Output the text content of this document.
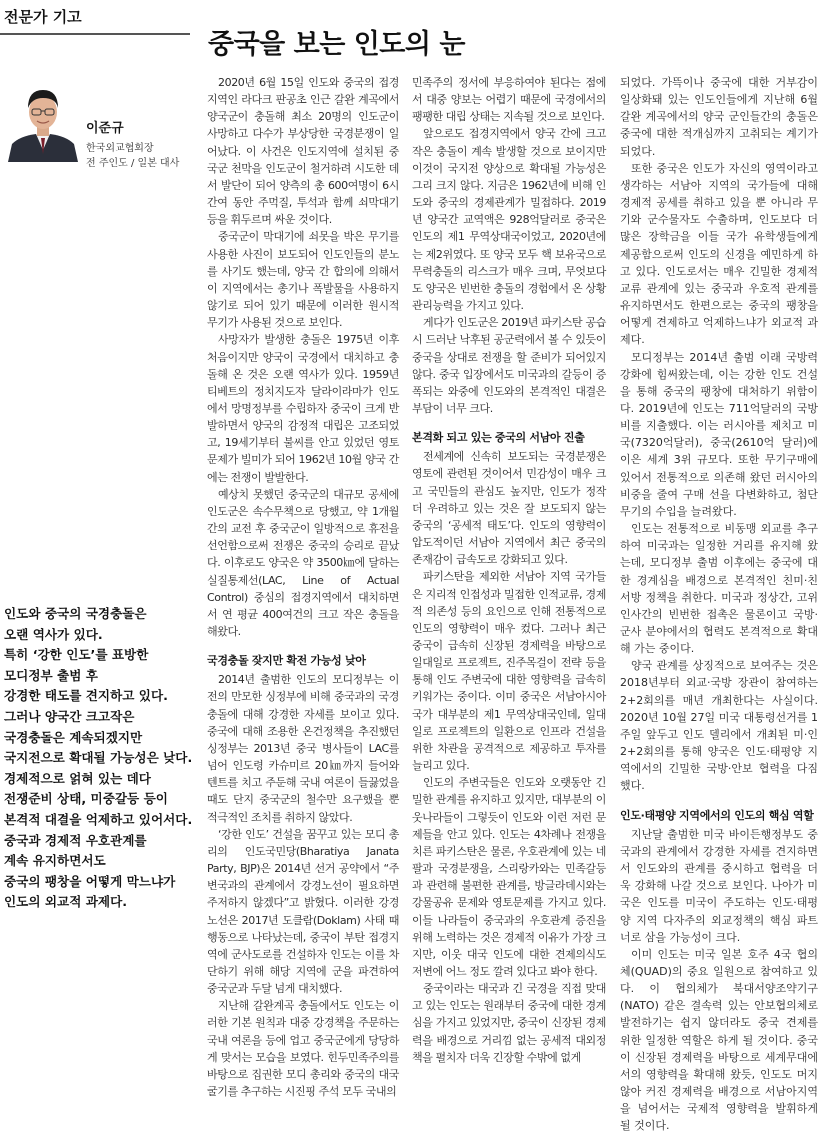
전문가 기고
이준규
한국외교협회장
전 주인도 / 일본 대사
중국을 보는 인도의 눈

인도와 중국의 국경충돌은

오랜 역사가 있다.

특히 ‘강한 인도’를 표방한

모디정부 출범 후

강경한 태도를 견지하고 있다.

그러나 양국간 크고작은

국경충돌은 계속되겠지만

국지전으로 확대될 가능성은 낮다.

경제적으로 얽혀 있는 데다

전쟁준비 상태, 미중갈등 등이

본격적 대결을 억제하고 있어서다.

중국과 경제적 우호관계를

계속 유지하면서도

중국의 팽창을 어떻게 막느냐가

인도의 외교적 과제다.

2020년 6월 15일 인도와 중국의 접경지역인 라다크 판공초 인근 갈완 계곡에서 양국군이 충돌해 최소 20명의 인도군이 사망하고 다수가 부상당한 국경분쟁이 일어났다. 이 사건은 인도지역에 설치된 중국군 천막을 인도군이 철거하려 시도한 데서 발단이 되어 양측의 총 600여명이 6시간여 동안 주먹질, 투석과 함께 쇠막대기 등을 휘두르며 싸운 것이다.

중국군이 막대기에 쇠못을 박은 무기를 사용한 사진이 보도되어 인도인들의 분노를 사기도 했는데, 양국 간 합의에 의해서 이 지역에서는 총기나 폭발물을 사용하지 않기로 되어 있기 때문에 이러한 원시적 무기가 사용된 것으로 보인다.

사망자가 발생한 충돌은 1975년 이후 처음이지만 양국이 국경에서 대치하고 충돌해 온 것은 오랜 역사가 있다. 1959년 티베트의 정치지도자 달라이라마가 인도에서 망명정부를 수립하자 중국이 크게 반발하면서 양국의 감정적 대립은 고조되었고, 19세기부터 불씨를 안고 있었던 영토문제가 빌미가 되어 1962년 10월 양국 간에는 전쟁이 발발한다.

예상치 못했던 중국군의 대규모 공세에 인도군은 속수무책으로 당했고, 약 1개월 간의 교전 후 중국군이 일방적으로 휴전을 선언함으로써 전쟁은 중국의 승리로 끝났다. 이후로도 양국은 약 3500㎞에 달하는 실질통제선(LAC, Line of Actual Control) 중심의 접경지역에서 대치하면서 연 평균 400여건의 크고 작은 충돌을 해왔다.

국경충돌 잦지만 확전 가능성 낮아

2014년 출범한 인도의 모디정부는 이전의 만모한 싱정부에 비해 중국과의 국경충돌에 대해 강경한 자세를 보이고 있다. 중국에 대해 조용한 온건정책을 추진했던 싱정부는 2013년 중국 병사들이 LAC를 넘어 인도령 카슈미르 20㎞까지 들어와 텐트를 치고 주둔해 국내 여론이 들끓었을 때도 단지 중국군의 철수만 요구했을 뿐 적극적인 조치를 취하지 않았다.

‘강한 인도’ 건설을 꿈꾸고 있는 모디 총리의 인도국민당(Bharatiya Janata Party, BJP)은 2014년 선거 공약에서 “주변국과의 관계에서 강경노선이 필요하면 주저하지 않겠다”고 밝혔다. 이러한 강경노선은 2017년 도클람(Doklam) 사태 때 행동으로 나타났는데, 중국이 부탄 접경지역에 군사도로를 건설하자 인도는 이를 차단하기 위해 해당 지역에 군을 파견하여 중국군과 두달 넘게 대치했다.

지난해 갈완계곡 충돌에서도 인도는 이러한 기본 원칙과 대중 강경책을 주문하는 국내 여론을 등에 업고 중국군에게 당당하게 맞서는 모습을 보였다. 힌두민족주의를 바탕으로 집권한 모디 총리와 중국의 대국굴기를 추구하는 시진핑 주석 모두 국내의

민족주의 정서에 부응하여야 된다는 점에서 대중 양보는 어렵기 때문에 국경에서의 팽팽한 대립 상태는 지속될 것으로 보인다.

앞으로도 접경지역에서 양국 간에 크고 작은 충돌이 계속 발생할 것으로 보이지만 이것이 국지전 양상으로 확대될 가능성은 그리 크지 않다. 지금은 1962년에 비해 인도와 중국의 경제관계가 밀접하다. 2019년 양국간 교역액은 928억달러로 중국은 인도의 제1 무역상대국이었고, 2020년에는 제2위였다. 또 양국 모두 핵 보유국으로 무력충돌의 리스크가 매우 크며, 무엇보다도 양국은 빈번한 충돌의 경험에서 온 상황관리능력을 가지고 있다.

게다가 인도군은 2019년 파키스탄 공습 시 드러난 낙후된 공군력에서 볼 수 있듯이 중국을 상대로 전쟁을 할 준비가 되어있지 않다. 중국 입장에서도 미국과의 갈등이 증폭되는 와중에 인도와의 본격적인 대결은 부담이 너무 크다.

본격화 되고 있는 중국의 서남아 진출

전세계에 신속히 보도되는 국경분쟁은 영토에 관련된 것이어서 민감성이 매우 크고 국민들의 관심도 높지만, 인도가 정작 더 우려하고 있는 것은 잘 보도되지 않는 중국의 ‘공세적 태도’다. 인도의 영향력이 압도적이던 서남아 지역에서 최근 중국의 존재감이 급속도로 강화되고 있다.

파키스탄을 제외한 서남아 지역 국가들은 지리적 인접성과 밀접한 인적교류, 경제적 의존성 등의 요인으로 인해 전통적으로 인도의 영향력이 매우 컸다. 그러나 최근 중국이 급속히 신장된 경제력을 바탕으로 일대일로 프로젝트, 진주목걸이 전략 등을 통해 인도 주변국에 대한 영향력을 급속히 키워가는 중이다. 이미 중국은 서남아시아 국가 대부분의 제1 무역상대국인데, 일대일로 프로젝트의 일환으로 인프라 건설을 위한 차관을 공격적으로 제공하고 투자를 늘리고 있다.

인도의 주변국들은 인도와 오랫동안 긴밀한 관계를 유지하고 있지만, 대부분의 이웃나라들이 그렇듯이 인도와 이런 저런 문제들을 안고 있다. 인도는 4차례나 전쟁을 치른 파키스탄은 물론, 우호관계에 있는 네팔과 국경분쟁을, 스리랑카와는 민족갈등과 관련해 불편한 관계를, 방글라데시와는 강물공유 문제와 영토문제를 가지고 있다. 이들 나라들이 중국과의 우호관계 증진을 위해 노력하는 것은 경제적 이유가 가장 크지만, 이웃 대국 인도에 대한 견제의식도 저변에 어느 정도 깔려 있다고 봐야 한다.

중국이라는 대국과 긴 국경을 직접 맞대고 있는 인도는 원래부터 중국에 대한 경계심을 가지고 있었지만, 중국이 신장된 경제력을 배경으로 거리낌 없는 공세적 대외정책을 펼치자 더욱 긴장할 수밖에 없게

되었다. 가뜩이나 중국에 대한 거부감이 일상화돼 있는 인도인들에게 지난해 6월 갈완 계곡에서의 양국 군인들간의 충돌은 중국에 대한 적개심까지 고취되는 계기가 되었다.

또한 중국은 인도가 자신의 영역이라고 생각하는 서남아 지역의 국가들에 대해 경제적 공세를 취하고 있을 뿐 아니라 무기와 군수물자도 수출하며, 인도보다 더 많은 장학금을 이들 국가 유학생들에게 제공함으로써 인도의 신경을 예민하게 하고 있다. 인도로서는 매우 긴밀한 경제적 교류 관계에 있는 중국과 우호적 관계를 유지하면서도 한편으로는 중국의 팽창을 어떻게 견제하고 억제하느냐가 외교적 과제다.

모디정부는 2014년 출범 이래 국방력 강화에 힘써왔는데, 이는 강한 인도 건설을 통해 중국의 팽창에 대처하기 위함이다. 2019년에 인도는 711억달러의 국방비를 지출했다. 이는 러시아를 제치고 미국(7320억달러), 중국(2610억 달러)에 이은 세계 3위 규모다. 또한 무기구매에 있어서 전통적으로 의존해 왔던 러시아의 비중을 줄여 구매 선을 다변화하고, 첨단무기의 수입을 늘려왔다.

인도는 전통적으로 비동맹 외교를 추구하여 미국과는 일정한 거리를 유지해 왔는데, 모디정부 출범 이후에는 중국에 대한 경계심을 배경으로 본격적인 친미·친서방 정책을 취한다. 미국과 정상간, 고위 인사간의 빈번한 접촉은 물론이고 국방·군사 분야에서의 협력도 본격적으로 확대해 가는 중이다.

양국 관계를 상징적으로 보여주는 것은 2018년부터 외교·국방 장관이 참여하는 2+2회의를 매년 개최한다는 사실이다. 2020년 10월 27일 미국 대통령선거를 1주일 앞두고 인도 델리에서 개최된 미·인 2+2회의를 통해 양국은 인도·태평양 지역에서의 긴밀한 국방·안보 협력을 다짐했다.

인도·태평양 지역에서의 인도의 핵심 역할

지난달 출범한 미국 바이든행정부도 중국과의 관계에서 강경한 자세를 견지하면서 인도와의 관계를 중시하고 협력을 더욱 강화해 나갈 것으로 보인다. 나아가 미국은 인도를 미국이 주도하는 인도·태평양 지역 다자주의 외교정책의 핵심 파트너로 삼을 가능성이 크다.

이미 인도는 미국 일본 호주 4국 협의체(QUAD)의 중요 일원으로 참여하고 있다. 이 협의체가 북대서양조약기구(NATO) 같은 결속력 있는 안보협의체로 발전하기는 쉽지 않더라도 중국 견제를 위한 일정한 역할은 하게 될 것이다. 중국이 신장된 경제력을 바탕으로 세계무대에서의 영향력을 확대해 왔듯, 인도도 머지않아 커진 경제력을 배경으로 서남아지역을 넘어서는 국제적 영향력을 발휘하게 될 것이다.
